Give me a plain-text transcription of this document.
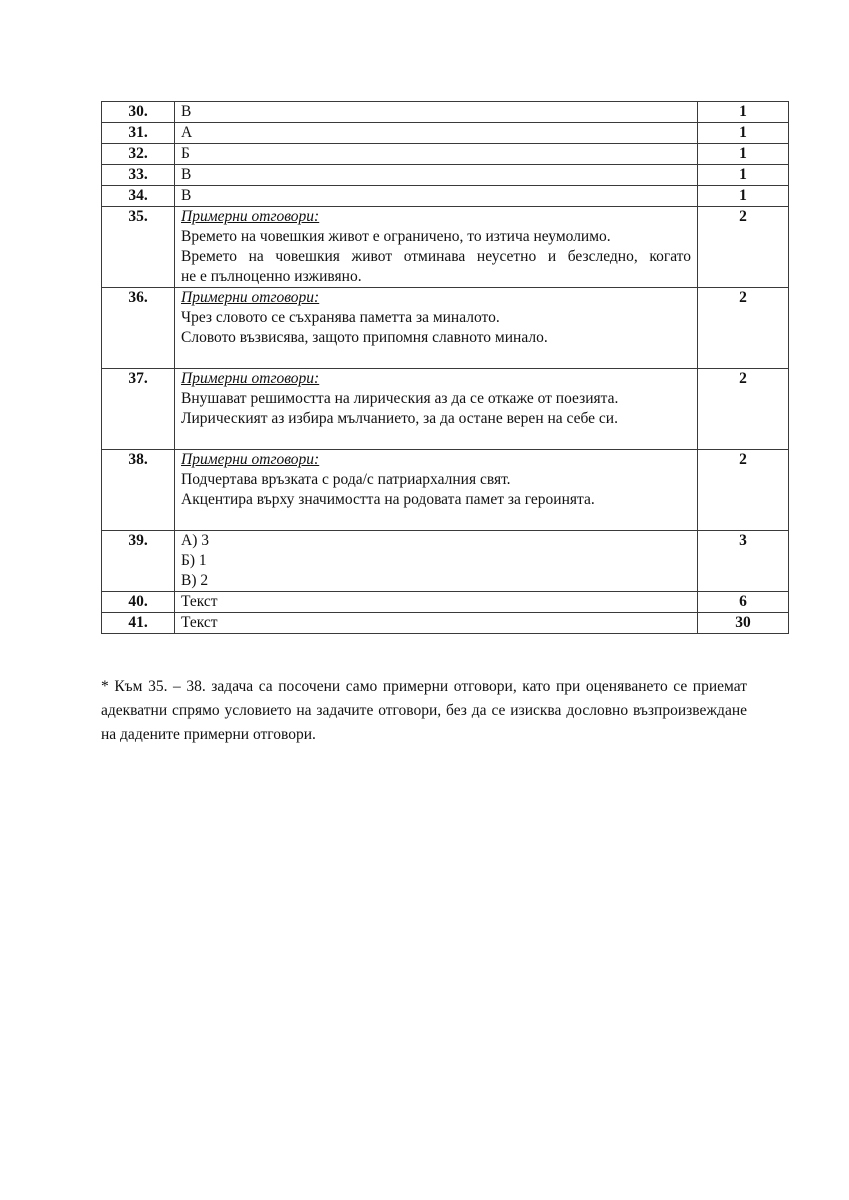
30.	В	1
31.	А	1
32.	Б	1
33.	В	1
34.	В	1
35.	Примерни отговори:
Времето на човешкия живот е ограничено, то изтича неумолимо.
Времето на човешкия живот отминава неусетно и безследно, когато
не е пълноценно изживяно.	2
36.	Примерни отговори:
Чрез словото се съхранява паметта за миналото.
Словото възвисява, защото припомня славното минало.	2
37.	Примерни отговори:
Внушават решимостта на лирическия аз да се откаже от поезията.
Лирическият аз избира мълчанието, за да остане верен на себе си.	2
38.	Примерни отговори:
Подчертава връзката с рода/с патриархалния свят.
Акцентира върху значимостта на родовата памет за героинята.	2
39.	А) 3
Б) 1
В) 2	3
40.	Текст	6
41.	Текст	30

* Към 35. – 38. задача са посочени само примерни отговори, като при оценяването се приемат адекватни спрямо условието на задачите отговори, без да се изисква дословно възпроизвеждане на дадените примерни отговори.
